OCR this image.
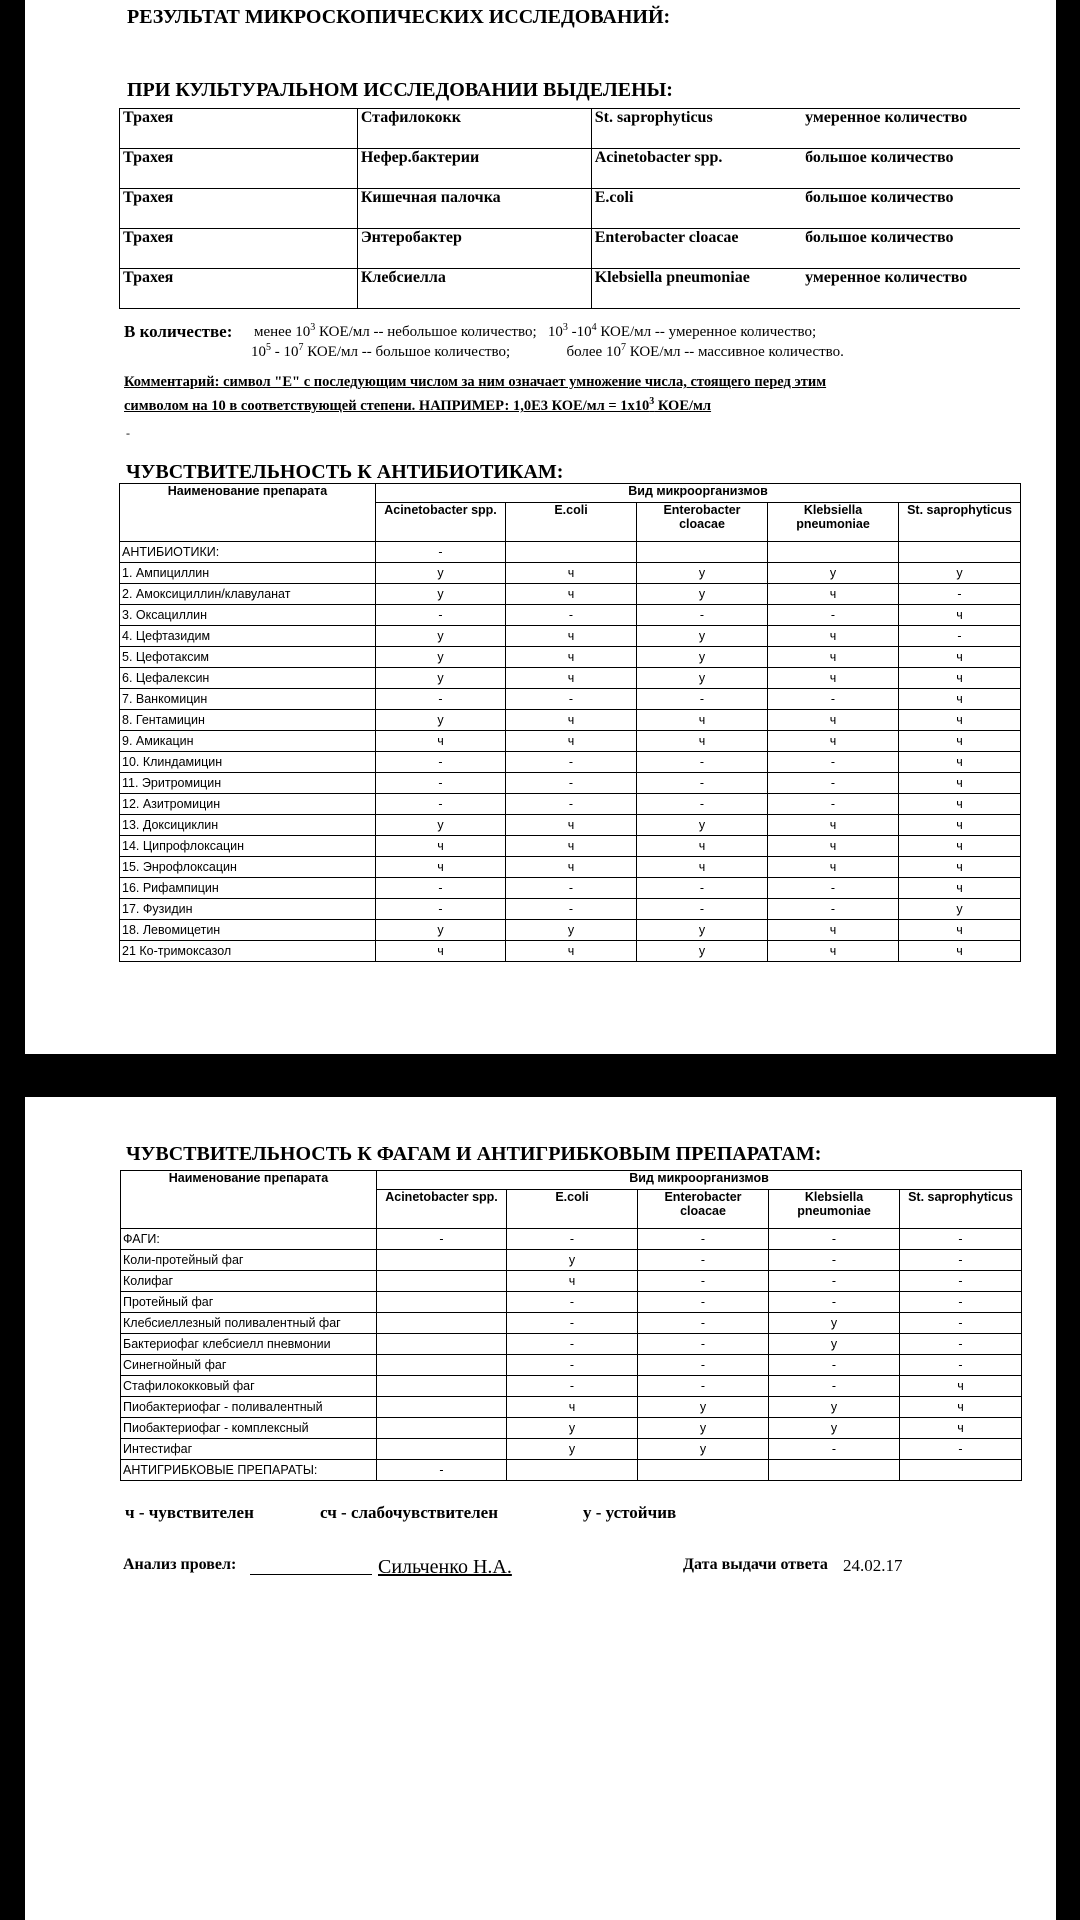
РЕЗУЛЬТАТ МИКРОСКОПИЧЕСКИХ ИССЛЕДОВАНИЙ:
ПРИ КУЛЬТУРАЛЬНОМ ИССЛЕДОВАНИИ ВЫДЕЛЕНЫ:
Трахея	Стафилококк	St. saprophyticus	умеренное количество
Трахея	Нефер.бактерии	Acinetobacter spp.	большое количество
Трахея	Кишечная палочка	E.coli	большое количество
Трахея	Энтеробактер	Enterobacter cloacae	большое количество
Трахея	Клебсиелла	Klebsiella pneumoniae	умеренное количество
В количестве: менее $10^3$ КОЕ/мл -- небольшое количество; $10^3$ $-10^4$ КОЕ/мл -- умеренное количество;
$10^5 - 10^7$ КОЕ/мл -- большое количество;	более $10^7$ КОЕ/мл -- массивное количество.
Комментарий: символ "Е" с последующим числом за ним означает умножение числа, стоящего перед этим
символом на 10 в соответствующей степени. НАПРИМЕР: 1,0Е3 $КОЕ/мл = 1х10^3$ КОЕ/мл
-
ЧУВСТВИТЕЛЬНОСТЬ К АНТИБИОТИКАМ:
Наименование препарата	Вид микроорганизмов				
	Acinetobacter spp.	E.coli	Enterobacter cloacae	Klebsiella pneumoniae	St. saprophyticus
АНТИБИОТИКИ:	-				
1. Ампициллин	у	ч	у	у	у
2. Амоксициллин/клавуланат	у	ч	у	ч	-
3. Оксациллин	-	-	-	-	ч
4. Цефтазидим	у	ч	у	ч	-
5. Цефотаксим	у	ч	у	ч	ч
6. Цефалексин	у	ч	у	ч	ч
7. Ванкомицин	-	-	-	-	ч
8. Гентамицин	у	ч	ч	ч	ч
9. Амикацин	ч	ч	ч	ч	ч
10. Клиндамицин	-	-	-	-	ч
11. Эритромицин	-	-	-	-	ч
12. Азитромицин	-	-	-	-	ч
13. Доксициклин	у	ч	у	ч	ч
14. Ципрофлоксацин	ч	ч	ч	ч	ч
15. Энрофлоксацин	ч	ч	ч	ч	ч
16. Рифампицин	-	-	-	-	ч
17. Фузидин	-	-	-	-	у
18. Левомицетин	у	у	у	ч	ч
21 Ко-тримоксазол	ч	ч	у	ч	ч
ЧУВСТВИТЕЛЬНОСТЬ К ФАГАМ И АНТИГРИБКОВЫМ ПРЕПАРАТАМ:
Наименование препарата	Вид микроорганизмов				
	Acinetobacter spp.	E.coli	Enterobacter cloacae	Klebsiella pneumoniae	St. saprophyticus
ФАГИ:	-	-	-	-	-
Коли-протейный фаг		у	-	-	-
Колифаг		ч	-	-	-
Протейный фаг		-	-	-	-
Клебсиеллезный поливалентный фаг		-	-	у	-
Бактериофаг клебсиелл пневмонии		-	-	у	-
Синегнойный фаг		-	-	-	-
Стафилококковый фаг		-	-	-	ч
Пиобактериофаг - поливалентный		ч	у	у	ч
Пиобактериофаг - комплексный		у	у	у	ч
Интестифаг		у	у	-	-
АНТИГРИБКОВЫЕ ПРЕПАРАТЫ:	-				
ч - чувствителен	сч - слабочувствителен	у - устойчив
Анализ провел:	Сильченко Н.А.	Дата выдачи ответа 24.02.17
